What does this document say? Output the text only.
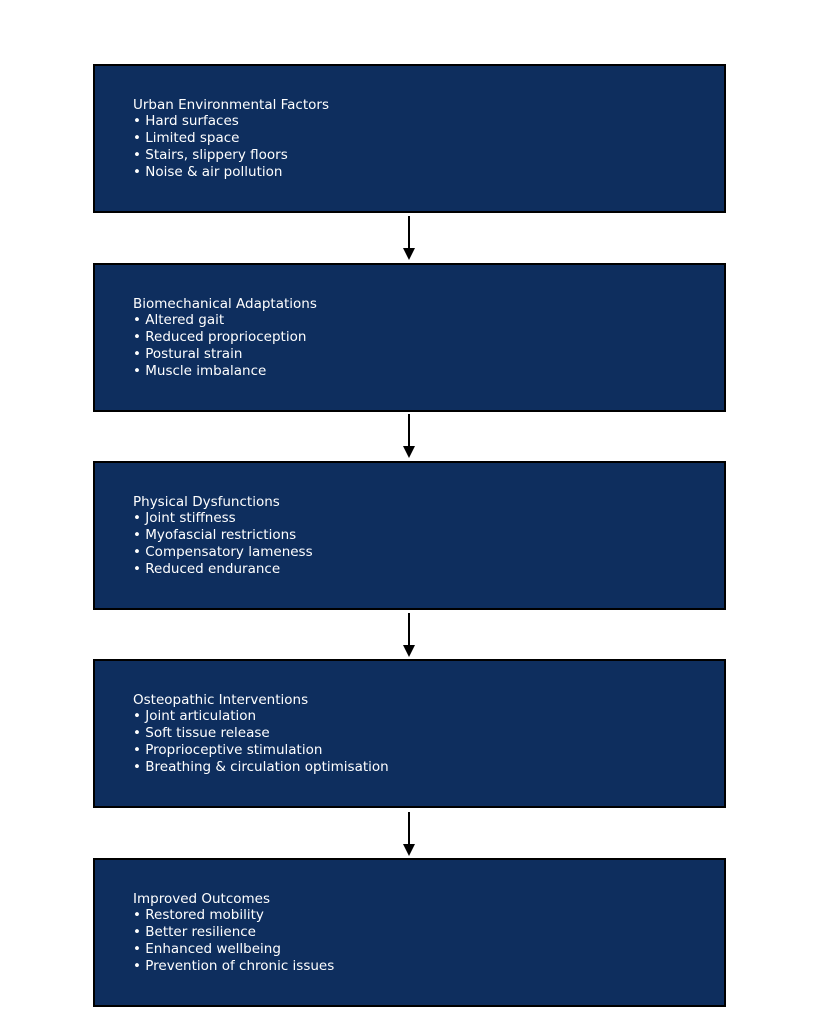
Urban Environmental Factors
• Hard surfaces
• Limited space
• Stairs, slippery floors
• Noise & air pollution
Biomechanical Adaptations
• Altered gait
• Reduced proprioception
• Postural strain
• Muscle imbalance
Physical Dysfunctions
• Joint stiffness
• Myofascial restrictions
• Compensatory lameness
• Reduced endurance
Osteopathic Interventions
• Joint articulation
• Soft tissue release
• Proprioceptive stimulation
• Breathing & circulation optimisation
Improved Outcomes
• Restored mobility
• Better resilience
• Enhanced wellbeing
• Prevention of chronic issues
